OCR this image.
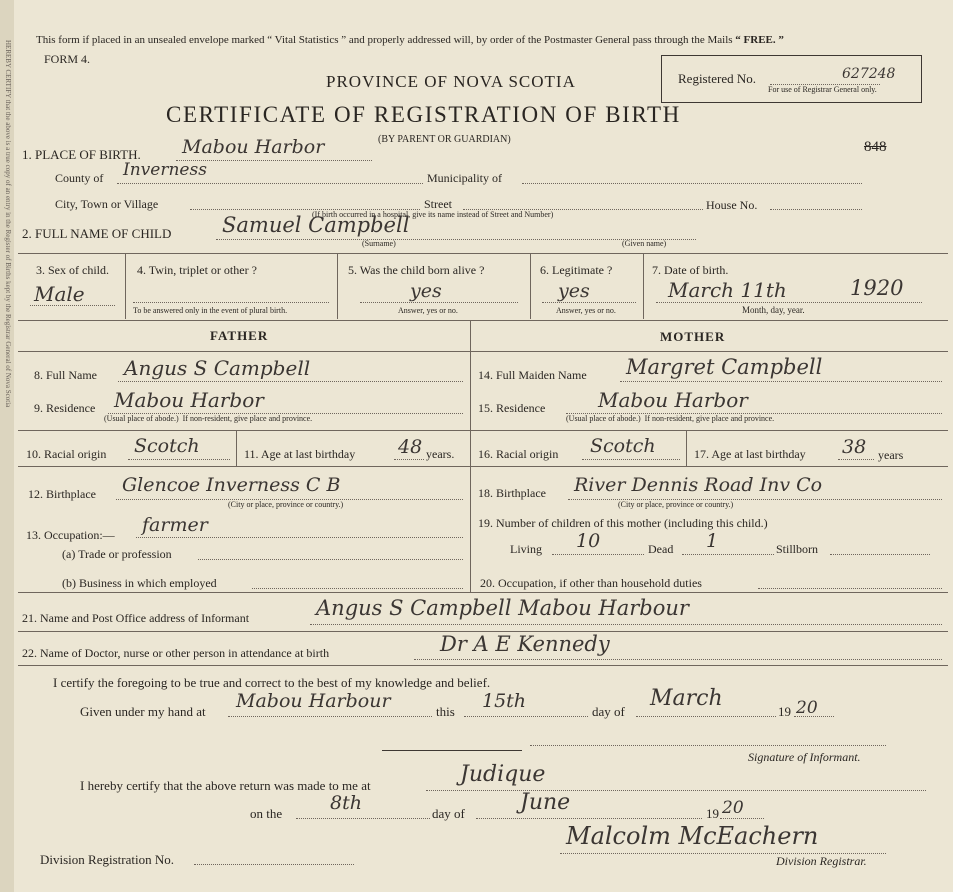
HEREBY CERTIFY that the above is a true copy of an entry in the Register of Births kept by the Registrar General of Nova Scotia This form if placed in an unsealed envelope marked “ Vital Statistics ” and properly addressed will, by order of the Postmaster General pass through the Mails “ FREE. ”
FORM 4.
PROVINCE OF NOVA SCOTIA
CERTIFICATE OF REGISTRATION OF BIRTH
Registered No.	627248
For use of Registrar General only.
848
1. PLACE OF BIRTH. Mabou Harbor	(BY PARENT OR GUARDIAN)
County of Inverness	Municipality of
City, Town or Village	Street	House No.
(If birth occurred in a hospital, give its name instead of Street and Number)
2. FULL NAME OF CHILD Samuel Campbell
(Surname)	(Given name)
3. Sex of child.
Male
4. Twin, triplet or other ?
To be answered only in the event of plural birth.
5. Was the child born alive ?
yes
Answer, yes or no.
6. Legitimate ?
yes
Answer, yes or no.
7. Date of birth.
March 11th	1920
Month, day, year.
FATHER	MOTHER
8. Full Name Angus S Campbell
9. Residence Mabou Harbor
(Usual place of abode.) If non-resident, give place and province.
10. Racial origin Scotch	11. Age at last birthday 48 years.
12. Birthplace Glencoe Inverness C B
(City or place, province or country.)
13. Occupation:— farmer
(a) Trade or profession
(b) Business in which employed
14. Full Maiden Name Margret Campbell
15. Residence	Mabou Harbor
(Usual place of abode.) If non-resident, give place and province.
16. Racial origin Scotch	17. Age at last birthday 38 years
18. Birthplace River Dennis Road Inv Co
(City or place, province or country.)
19. Number of children of this mother (including this child.)
Living 10	Dead 1	Stillborn
20. Occupation, if other than household duties
21. Name and Post Office address of Informant	Angus S Campbell Mabou Harbour
22. Name of Doctor, nurse or other person in attendance at birth	Dr A E Kennedy
I certify the foregoing to be true and correct to the best of my knowledge and belief.
Given under my hand at Mabou Harbour	this 15th	day of
March
19 20
Signature of Informant.
I hereby certify that the above return was made to me at	Judique
on the	8th	day of	June	19 20
Malcolm McEachern
Division Registration No.	Division Registrar.
